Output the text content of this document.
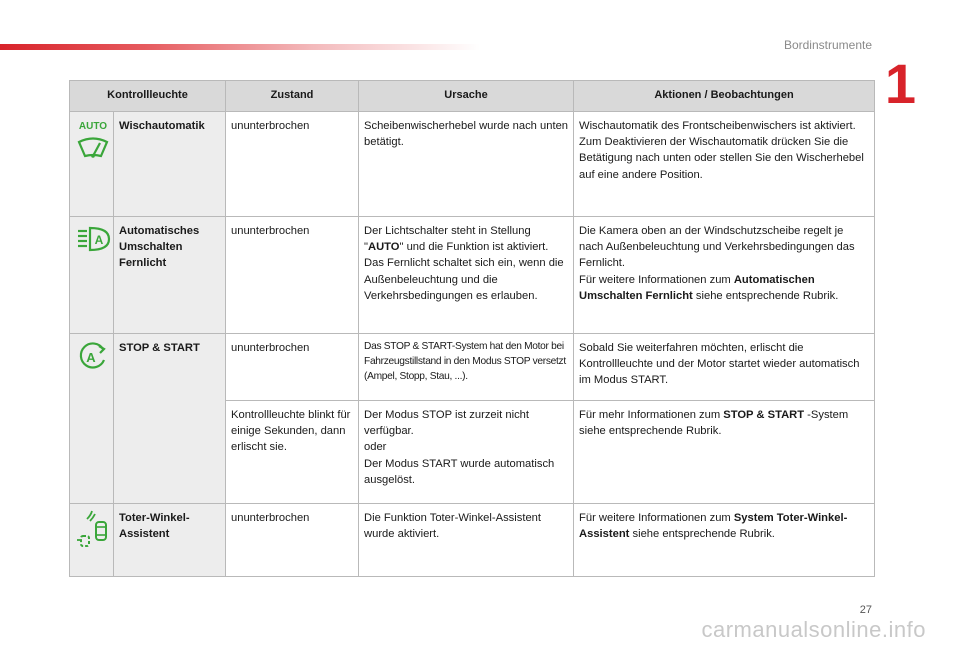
Bordinstrumente
1
Kontrollleuchte		Zustand	Ursache	Aktionen / Beobachtungen

AUTO	Wischautomatik	ununterbrochen	Scheibenwischerhebel wurde nach unten betätigt.	Wischautomatik des Frontscheibenwischers ist aktiviert.
Zum Deaktivieren der Wischautomatik drücken Sie die Betätigung nach unten oder stellen Sie den Wischerhebel auf eine andere Position.

A	Automatisches Umschalten Fernlicht	ununterbrochen	Der Lichtschalter steht in Stellung "AUTO" und die Funktion ist aktiviert. Das Fernlicht schaltet sich ein, wenn die Außenbeleuchtung und die Verkehrsbedingungen es erlauben.	Die Kamera oben an der Windschutzscheibe regelt je nach Außenbeleuchtung und Verkehrsbedingungen das Fernlicht.
Für weitere Informationen zum Automatischen Umschalten Fernlicht siehe entsprechende Rubrik.

A	STOP & START	ununterbrochen	Das STOP & START-System hat den Motor bei Fahrzeugstillstand in den Modus STOP versetzt (Ampel, Stopp, Stau, ...).	Sobald Sie weiterfahren möchten, erlischt die Kontrollleuchte und der Motor startet wieder automatisch im Modus START.
		Kontrollleuchte blinkt für einige Sekunden, dann erlischt sie.	Der Modus STOP ist zurzeit nicht verfügbar.
oder
Der Modus START wurde automatisch ausgelöst.	Für mehr Informationen zum STOP & START -System siehe entsprechende Rubrik.
	Toter-Winkel-Assistent	ununterbrochen	Die Funktion Toter-Winkel-Assistent wurde aktiviert.	Für weitere Informationen zum System Toter-Winkel-Assistent siehe entsprechende Rubrik.
27
carmanualsonline.info
